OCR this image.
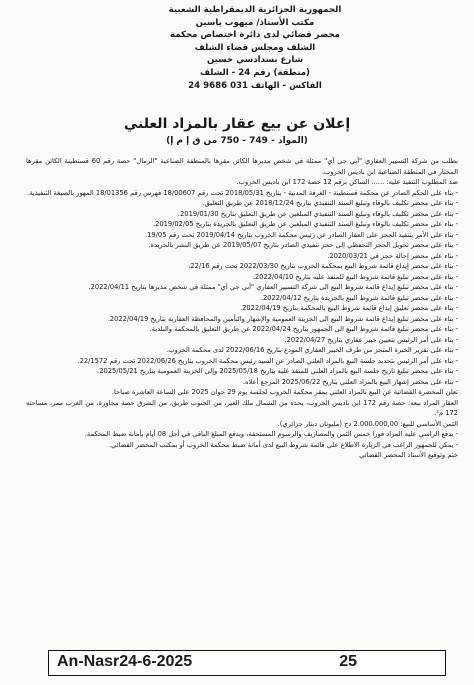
الجمهورية الجزائرية الديمقراطية الشعبية
مكتب الأستاذ/ ميهوب ياسين
محضر قضائي لدى دائرة اختصاص محكمة
الشلف ومجلس قضاء الشلف
شارع بسدادسي حسين
(منطقة) رقم 24 - الشلف
الفاكس - الهاتف 031 9686 24
إعلان عن بيع عقار بالمزاد العلني
(المواد - 749 - 750 من ق إ م إ)

بطلب من شركة التسيير العقاري "آبي جي آي" ممثلة في شخص مديرها الكائن مقرها بالمنطقة الصناعية "الرمال" حصة رقم 60 قسنطينة الكائن مقرها المختار في المنطقة الصناعية ابن باديس الخروب.

ضد المطلوب التنفيذ عليه: ...... الساكن برقم 12 حصة 172 ابن باديس الخروب.

- بناء على الحكم الصادر عن محكمة قسنطينة - الغرفة المدنية - بتاريخ 2018/05/31 تحت رقم 18/00607 فهرس رقم 18/01356 المهور بالصيغة التنفيذية.

- بناء على محضر تكليف بالوفاء وتبليغ السند التنفيذي بتاريخ 2018/12/24 عن طريق التعليق.

- بناء على محضر تكليف بالوفاء وتبليغ السند التنفيذي المبلغين عن طريق التعليق بتاريخ 2019/01/30.

- بناء على محضر تكليف بالوفاء وتبليغ السند التنفيذي المبلغين عن طريق التعليق بالجريدة بتاريخ 2019/02/05.

- بناء على الأمر بتنفيذ الحجز على العقار الصادر عن رئيس محكمة الخروب بتاريخ 2019/04/14 تحت رقم 19/05.

- بناء على محضر تحويل الحجز التحفظي إلى حجز تنفيذي الصادر بتاريخ 2019/05/07 عن طريق النشر بالجريدة.

- بناء على محضر إحالة حجز في 2020/03/21.

- بناء على محضر إيداع قائمة شروط البيع بمحكمة الخروب بتاريخ 2022/03/30 تحت رقم 22/16.

- بناء على محضر تبليغ قائمة شروط البيع للمنفذ عليه بتاريخ 2022/04/10.

- بناء على محضر تبليغ إيداع قائمة شروط البيع الى شركة التسيير العقاري "آبي جي آي" ممثلة في شخص مديرها بتاريخ 2022/04/11.

- بناء على محضر تبليغ قائمة شروط البيع بالجريدة بتاريخ 2022/04/12.

- بناء على محضر تعليق إيداع قائمة شروط البيع بالمحكمة بتاريخ 2022/04/19.

- بناء على محضر تبليغ إيداع قائمة شروط البيع الى الخزينة العمومية والإشهار والتأمين والمحافظة العقارية بتاريخ 2022/04/19.

- بناء على محضر تبليغ قائمة شروط البيع الى الجمهور بتاريخ 2022/04/24 عن طريق التعليق بالمحكمة والبلدية.

- بناء على أمر الرئيس بتعيين خبير عقاري بتاريخ 2022/04/27.

- بناء على تقرير الخبرة المنجز من طرف الخبير العقاري المودع بتاريخ 2022/06/16 لدى محكمة الخروب.

- بناء على أمر الرئيس بتحديد جلسة البيع بالمزاد العلني الصادر عن السيد رئيس محكمة الخروب بتاريخ 2022/06/26 تحت رقم 22/1572.

- بناء على محضر تبليغ تاريخ جلسة البيع بالمزاد العلني للمنفذ عليه بتاريخ 2025/05/18 وإلى الخزينة العمومية بتاريخ 2025/05/21.

- بناء على محضر إشهار البيع بالمزاد العلني بتاريخ 2025/06/22 المرجع أعلاه.

تعلن المحضرة القضائية عن البيع بالمزاد العلني بمقر محكمة الخروب لجلسة يوم 29 جوان 2025 على الساعة العاشرة صباحا.

العقار المراد بيعه: حصة رقم 172 ابن باديس الخروب، يحده من الشمال ملك الغير، من الجنوب طريق، من الشرق حصة مجاورة، من الغرب ممر، مساحته 172 م².

الثمن الأساسي للبيع: 2.000.000,00 دج (مليونان دينار جزائري).

- يدفع الراسي عليه المزاد فورا خمس الثمن والمصاريف والرسوم المستحقة، ويدفع المبلغ الباقي في أجل 08 أيام بأمانة ضبط المحكمة.

- يمكن للجمهور الراغب في الزيارة الاطلاع على قائمة شروط البيع لدى أمانة ضبط محكمة الخروب أو بمكتب المحضر القضائي.

ختم وتوقيع الأستاذ المحضر القضائي

An-Nasr24-6-2025	25
